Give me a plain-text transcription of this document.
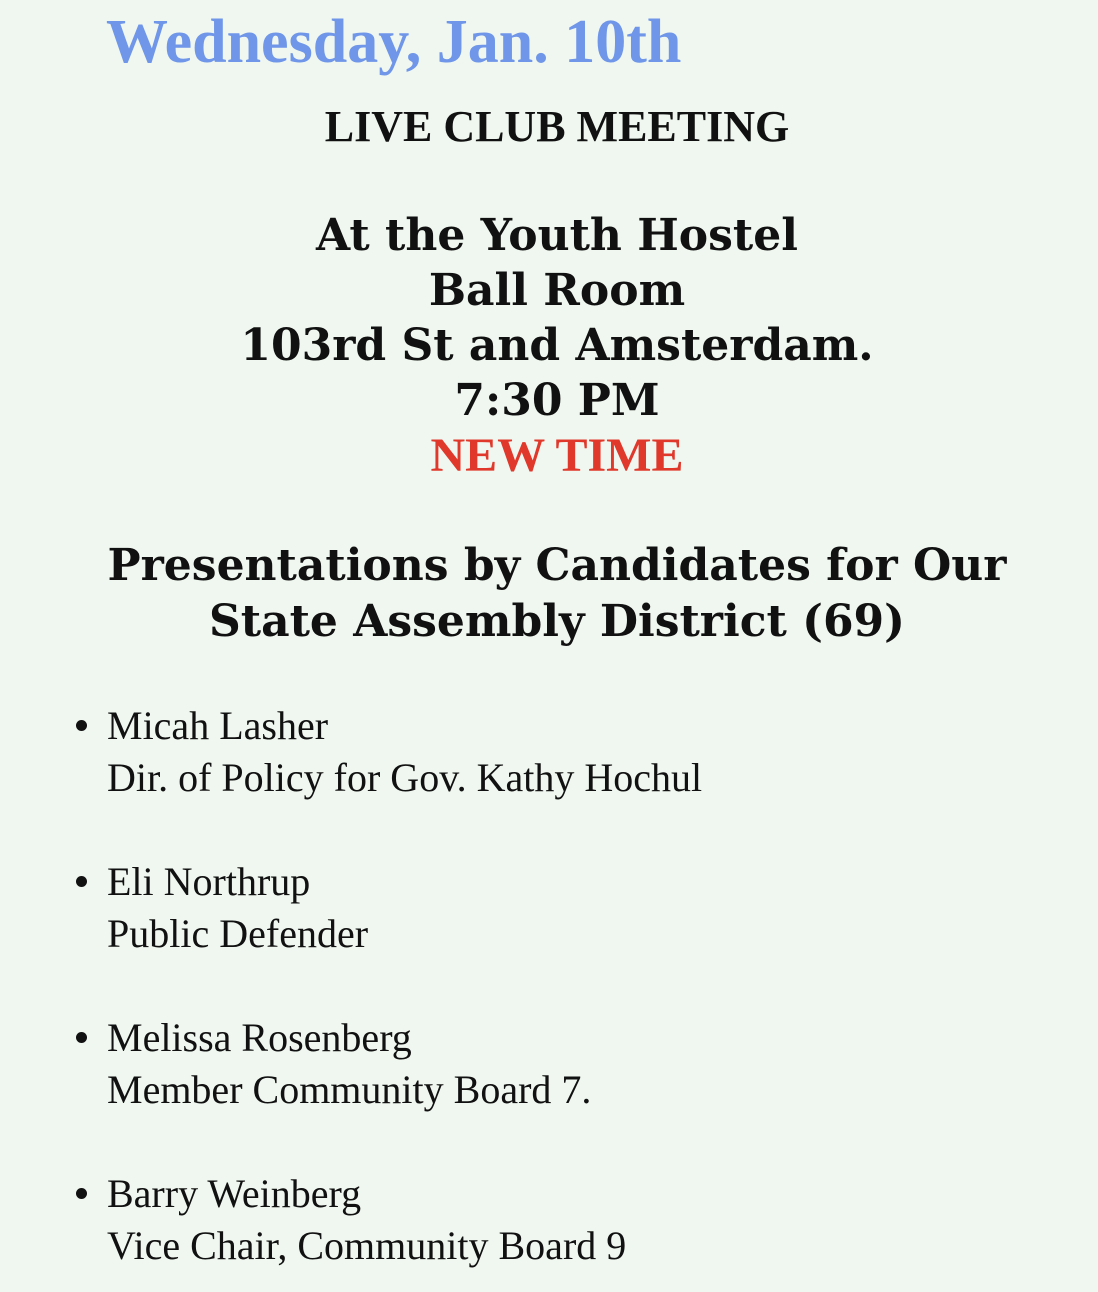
Wednesday, Jan. 10th
LIVE CLUB MEETING
At the Youth Hostel
Ball Room
103rd St and Amsterdam.
7:30 PM
NEW TIME
Presentations by Candidates for Our
State Assembly District (69)
Micah Lasher
Dir. of Policy for Gov. Kathy Hochul
Eli Northrup
Public Defender
Melissa Rosenberg
Member Community Board 7.
Barry Weinberg
Vice Chair, Community Board 9
